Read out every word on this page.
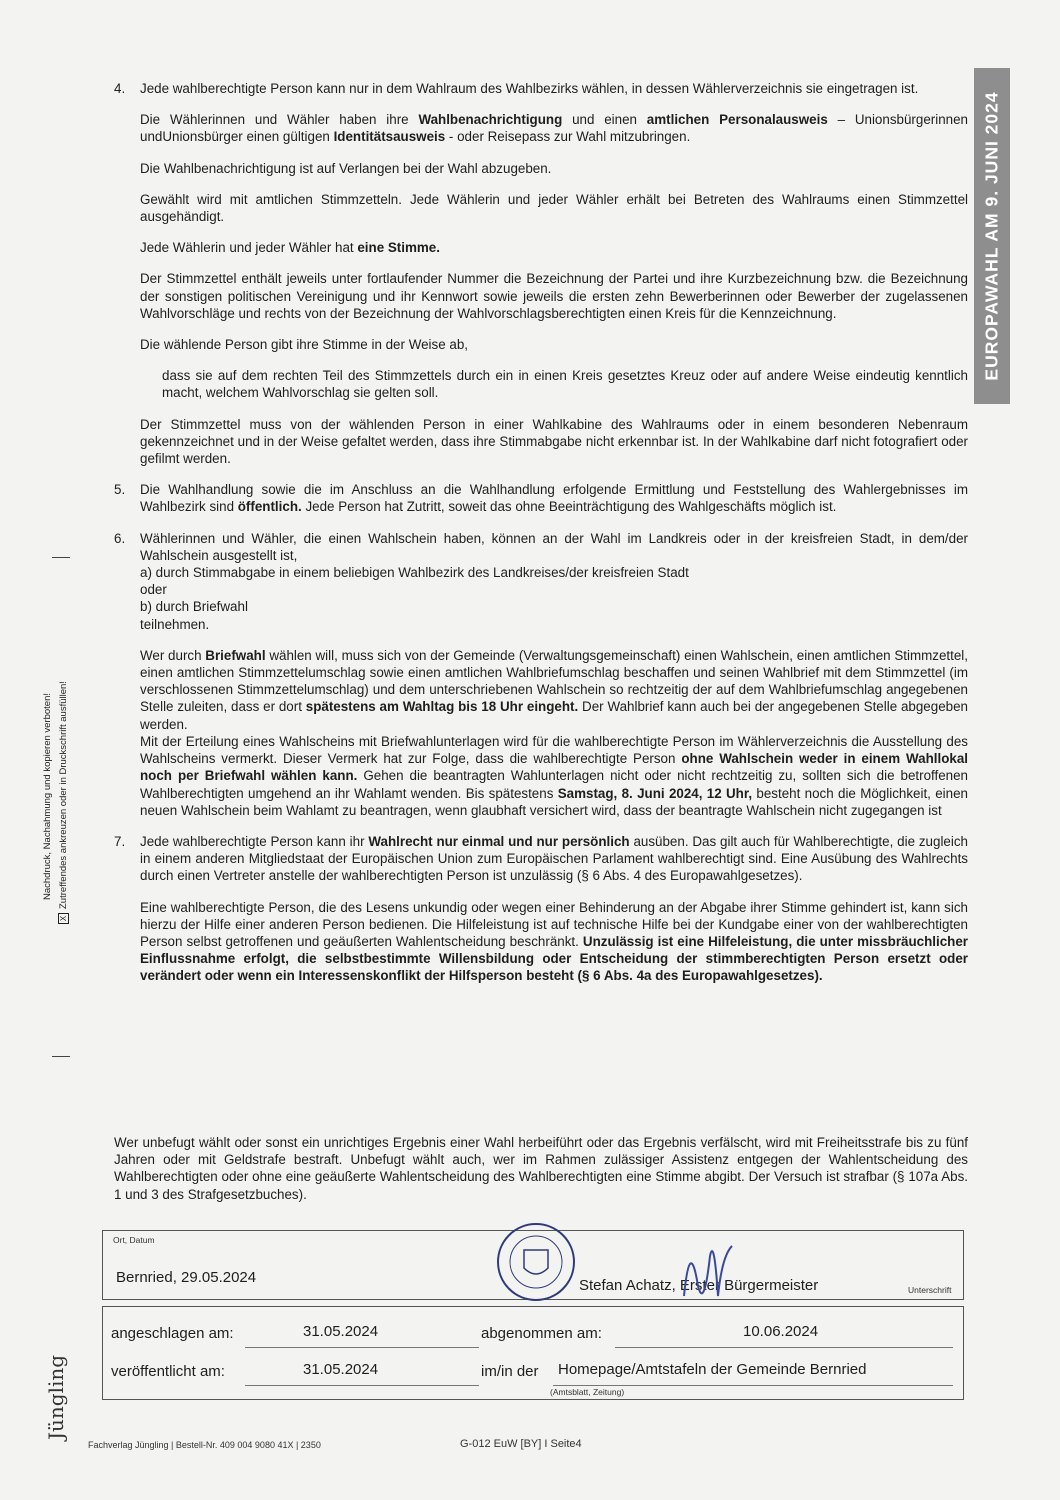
EUROPAWAHL AM 9. JUNI 2024
Nachdruck, Nachahmung und kopieren verboten!
X
Zutreffendes ankreuzen oder in Druckschrift ausfüllen!
4. Jede wahlberechtigte Person kann nur in dem Wahlraum des Wahlbezirks wählen, in dessen Wählerverzeichnis sie eingetragen ist.

Die Wählerinnen und Wähler haben ihre Wahlbenachrichtigung und einen amtlichen Personalausweis – Unionsbürgerinnen undUnionsbürger einen gültigen Identitätsausweis - oder Reisepass zur Wahl mitzubringen.

Die Wahlbenachrichtigung ist auf Verlangen bei der Wahl abzugeben.

Gewählt wird mit amtlichen Stimmzetteln. Jede Wählerin und jeder Wähler erhält bei Betreten des Wahlraums einen Stimmzettel ausgehändigt.

Jede Wählerin und jeder Wähler hat eine Stimme.

Der Stimmzettel enthält jeweils unter fortlaufender Nummer die Bezeichnung der Partei und ihre Kurzbezeichnung bzw. die Bezeichnung der sonstigen politischen Vereinigung und ihr Kennwort sowie jeweils die ersten zehn Bewerberinnen oder Bewerber der zugelassenen Wahlvorschläge und rechts von der Bezeichnung der Wahlvorschlagsberechtigten einen Kreis für die Kennzeichnung.

Die wählende Person gibt ihre Stimme in der Weise ab,

dass sie auf dem rechten Teil des Stimmzettels durch ein in einen Kreis gesetztes Kreuz oder auf andere Weise eindeutig kenntlich macht, welchem Wahlvorschlag sie gelten soll.

Der Stimmzettel muss von der wählenden Person in einer Wahlkabine des Wahlraums oder in einem besonderen Nebenraum gekennzeichnet und in der Weise gefaltet werden, dass ihre Stimmabgabe nicht erkennbar ist. In der Wahlkabine darf nicht fotografiert oder gefilmt werden.

5. Die Wahlhandlung sowie die im Anschluss an die Wahlhandlung erfolgende Ermittlung und Feststellung des Wahlergebnisses im Wahlbezirk sind öffentlich. Jede Person hat Zutritt, soweit das ohne Beeinträchtigung des Wahlgeschäfts möglich ist.

6. Wählerinnen und Wähler, die einen Wahlschein haben, können an der Wahl im Landkreis oder in der kreisfreien Stadt, in dem/der Wahlschein ausgestellt ist,

a) durch Stimmabgabe in einem beliebigen Wahlbezirk des Landkreises/der kreisfreien Stadt
oder
b) durch Briefwahl
teilnehmen.

Wer durch Briefwahl wählen will, muss sich von der Gemeinde (Verwaltungsgemeinschaft) einen Wahlschein, einen amtlichen Stimmzettel, einen amtlichen Stimmzettelumschlag sowie einen amtlichen Wahlbriefumschlag beschaffen und seinen Wahlbrief mit dem Stimmzettel (im verschlossenen Stimmzettelumschlag) und dem unterschriebenen Wahlschein so rechtzeitig der auf dem Wahlbriefumschlag angegebenen Stelle zuleiten, dass er dort spätestens am Wahltag bis 18 Uhr eingeht. Der Wahlbrief kann auch bei der angegebenen Stelle abgegeben werden.
Mit der Erteilung eines Wahlscheins mit Briefwahlunterlagen wird für die wahlberechtigte Person im Wählerverzeichnis die Ausstellung des Wahlscheins vermerkt. Dieser Vermerk hat zur Folge, dass die wahlberechtigte Person ohne Wahlschein weder in einem Wahllokal noch per Briefwahl wählen kann. Gehen die beantragten Wahlunterlagen nicht oder nicht rechtzeitig zu, sollten sich die betroffenen Wahlberechtigten umgehend an ihr Wahlamt wenden. Bis spätestens Samstag, 8. Juni 2024, 12 Uhr, besteht noch die Möglichkeit, einen neuen Wahlschein beim Wahlamt zu beantragen, wenn glaubhaft versichert wird, dass der beantragte Wahlschein nicht zugegangen ist

7. Jede wahlberechtigte Person kann ihr Wahlrecht nur einmal und nur persönlich ausüben. Das gilt auch für Wahlberechtigte, die zugleich in einem anderen Mitgliedstaat der Europäischen Union zum Europäischen Parlament wahlberechtigt sind. Eine Ausübung des Wahlrechts durch einen Vertreter anstelle der wahlberechtigten Person ist unzulässig (§ 6 Abs. 4 des Europawahlgesetzes).

Eine wahlberechtigte Person, die des Lesens unkundig oder wegen einer Behinderung an der Abgabe ihrer Stimme gehindert ist, kann sich hierzu der Hilfe einer anderen Person bedienen. Die Hilfeleistung ist auf technische Hilfe bei der Kundgabe einer von der wahlberechtigten Person selbst getroffenen und geäußerten Wahlentscheidung beschränkt. Unzulässig ist eine Hilfeleistung, die unter missbräuchlicher Einflussnahme erfolgt, die selbstbestimmte Willensbildung oder Entscheidung der stimmberechtigten Person ersetzt oder verändert oder wenn ein Interessenskonflikt der Hilfsperson besteht (§ 6 Abs. 4a des Europawahlgesetzes).

Wer unbefugt wählt oder sonst ein unrichtiges Ergebnis einer Wahl herbeiführt oder das Ergebnis verfälscht, wird mit Freiheitsstrafe bis zu fünf Jahren oder mit Geldstrafe bestraft. Unbefugt wählt auch, wer im Rahmen zulässiger Assistenz entgegen der Wahlentscheidung des Wahlberechtigten oder ohne eine geäußerte Wahlentscheidung des Wahlberechtigten eine Stimme abgibt. Der Versuch ist strafbar (§ 107a Abs. 1 und 3 des Strafgesetzbuches).

Ort, Datum
Bernried, 29.05.2024	Stefan Achatz, Erster Bürgermeister	Unterschrift
angeschlagen am:	31.05.2024	abgenommen am:	10.06.2024
veröffentlicht am:	31.05.2024	im/in der Homepage/Amtstafeln der Gemeinde Bernried
(Amtsblatt, Zeitung)
Jüngling
Fachverlag Jüngling | Bestell-Nr. 409 004 9080 41X | 2350	G-012 EuW [BY] I Seite4
